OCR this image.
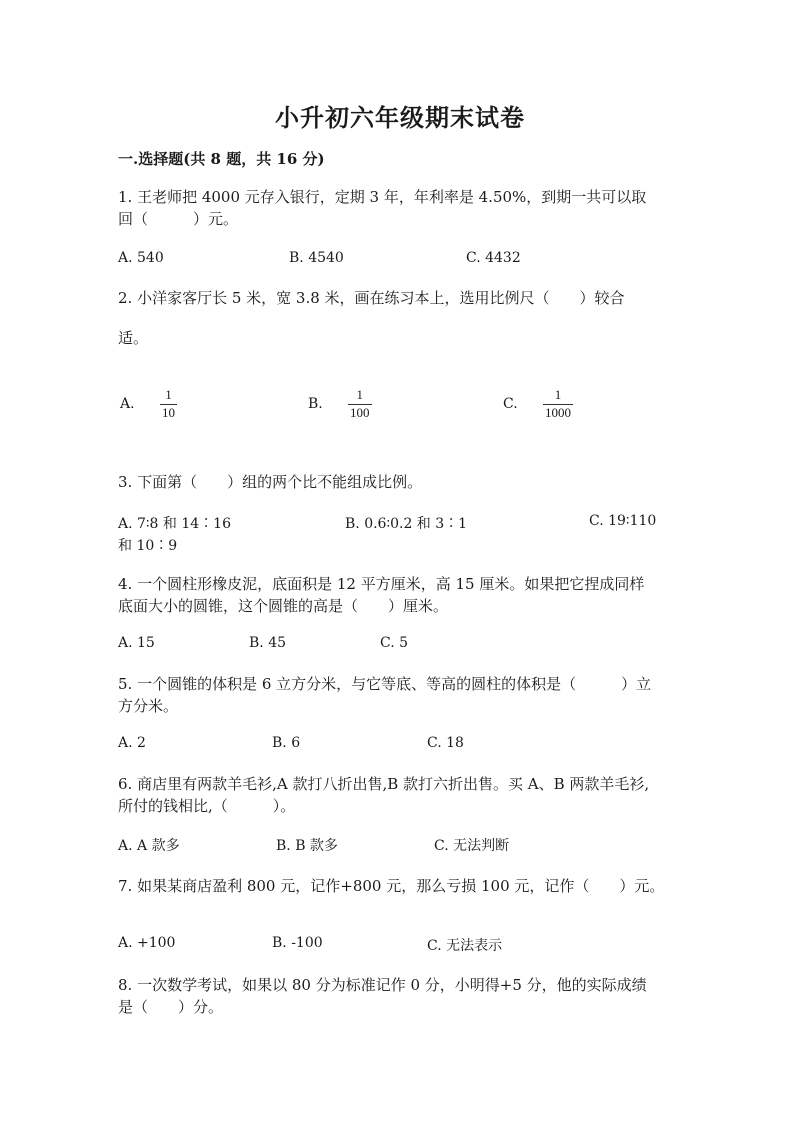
小升初六年级期末试卷
一.选择题(共 8 题，共 16 分)
1. 王老师把 4000 元存入银行，定期 3 年，年利率是 4.50%，到期一共可以取
回（　　　）元。
A. 540	B. 4540	C. 4432
2. 小洋家客厅长 5 米，宽 3.8 米，画在练习本上，选用比例尺（　　）较合
适。
A.
1
10
B.
1
100
C.
1
1000
3. 下面第（　　）组的两个比不能组成比例。
A. 7∶8 和 14∶16	B. 0.6∶0.2 和 3∶1	C. 19∶110
和 10∶9
4. 一个圆柱形橡皮泥，底面积是 12 平方厘米，高 15 厘米。如果把它捏成同样
底面大小的圆锥，这个圆锥的高是（　　）厘米。
A. 15	B. 45	C. 5
5. 一个圆锥的体积是 6 立方分米，与它等底、等高的圆柱的体积是（　　　）立
方分米。
A. 2	B. 6	C. 18
6. 商店里有两款羊毛衫,A 款打八折出售,B 款打六折出售。买 A、B 两款羊毛衫,
所付的钱相比,（　　　）。
A. A 款多	B. B 款多	C. 无法判断
7. 如果某商店盈利 800 元，记作+800 元，那么亏损 100 元，记作（　　）元。
A. +100	B. -100	C. 无法表示
8. 一次数学考试，如果以 80 分为标准记作 0 分，小明得+5 分，他的实际成绩
是（　　）分。
